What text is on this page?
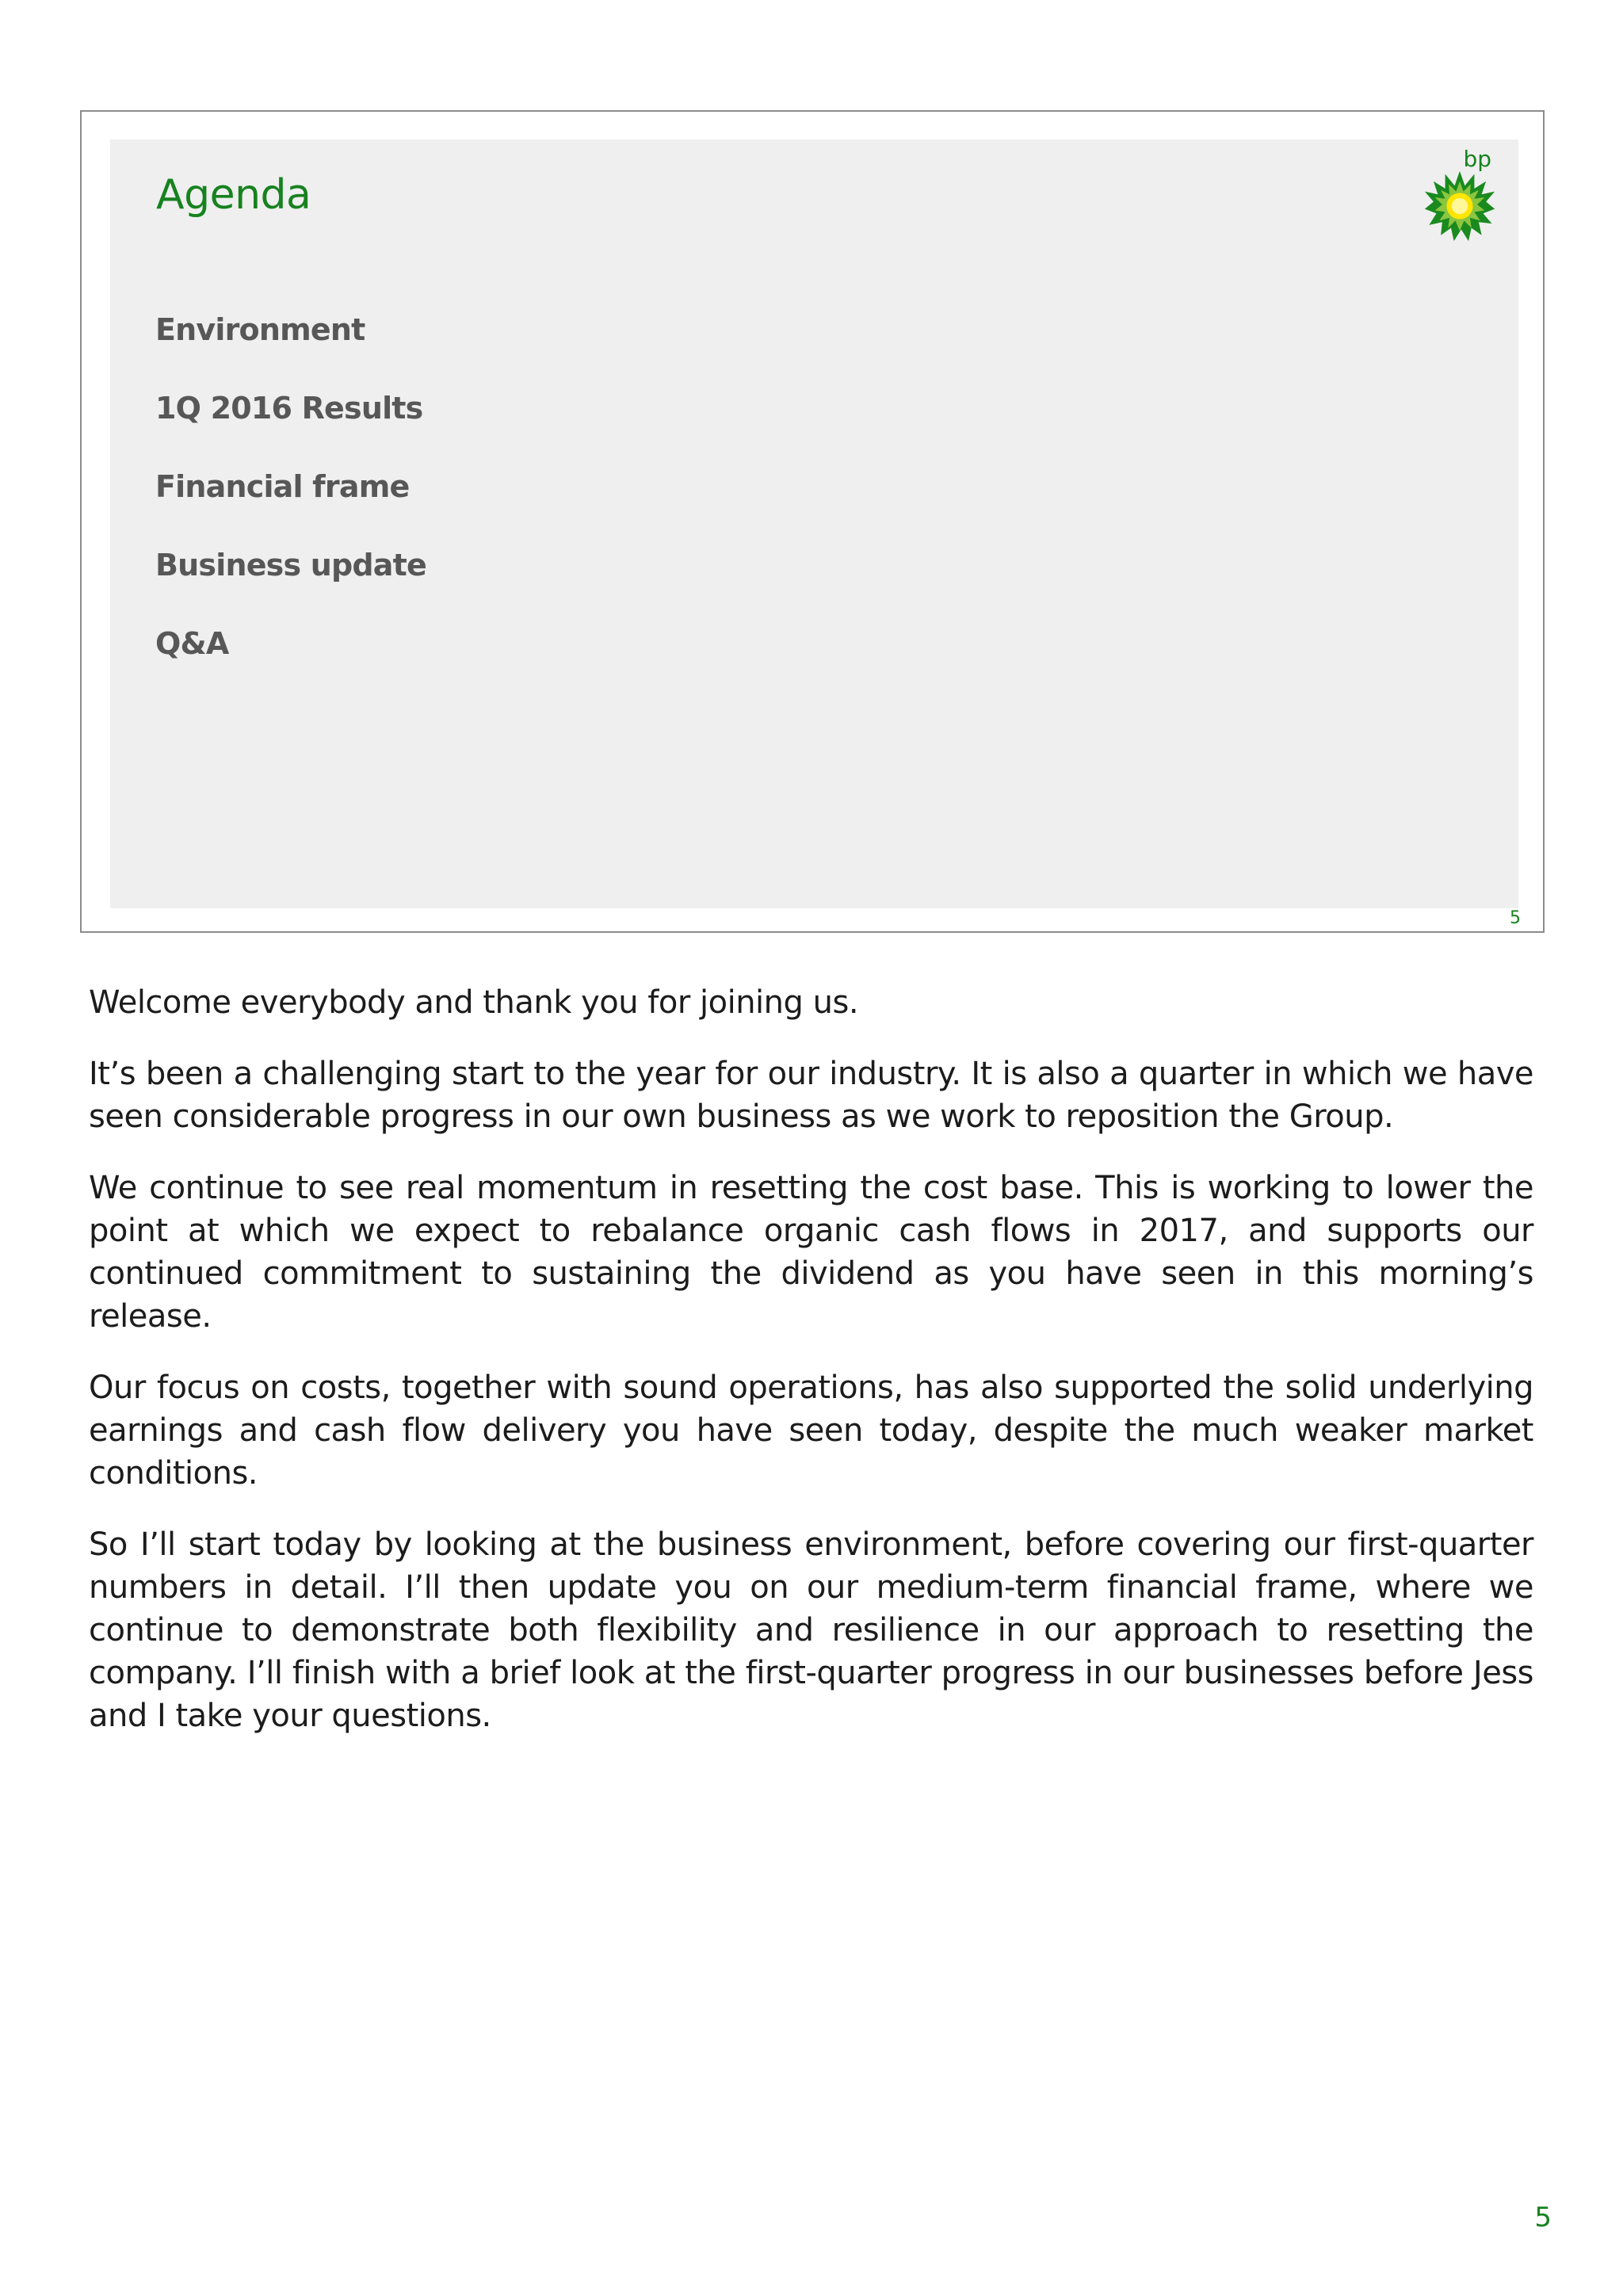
Agenda
Environment
1Q 2016 Results
Financial frame
Business update
Q&A
bp
5

Welcome everybody and thank you for joining us.

It’s been a challenging start to the year for our industry. It is also a quarter in which we have seen considerable progress in our own business as we work to reposition the Group.

We continue to see real momentum in resetting the cost base. This is working to lower the point at which we expect to rebalance organic cash flows in 2017, and supports our continued commitment to sustaining the dividend as you have seen in this morning’s release.

Our focus on costs, together with sound operations, has also supported the solid underlying earnings and cash flow delivery you have seen today, despite the much weaker market conditions.

So I’ll start today by looking at the business environment, before covering our first-quarter numbers in detail. I’ll then update you on our medium-term financial frame, where we continue to demonstrate both flexibility and resilience in our approach to resetting the company. I’ll finish with a brief look at the first-quarter progress in our businesses before Jess and I take your questions.

5
